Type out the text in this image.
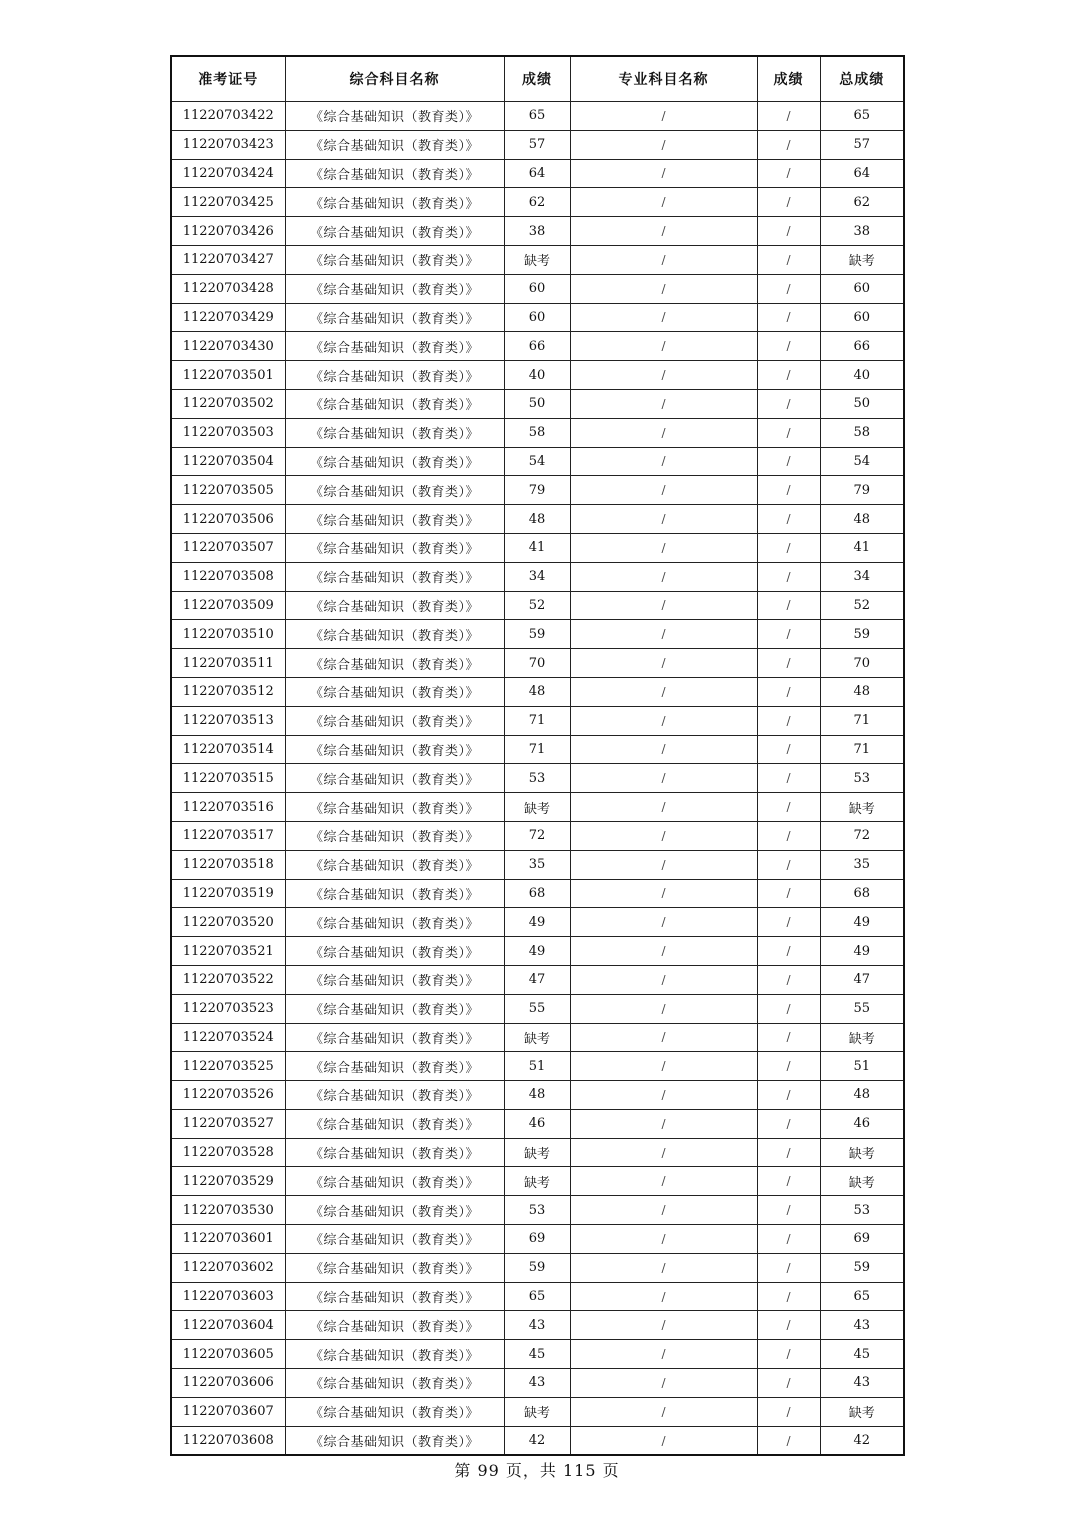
准考证号	综合科目名称	成绩	专业科目名称	成绩	总成绩
11220703422	《综合基础知识（教育类）》	65	/	/	65
11220703423	《综合基础知识（教育类）》	57	/	/	57
11220703424	《综合基础知识（教育类）》	64	/	/	64
11220703425	《综合基础知识（教育类）》	62	/	/	62
11220703426	《综合基础知识（教育类）》	38	/	/	38
11220703427	《综合基础知识（教育类）》	缺考	/	/	缺考
11220703428	《综合基础知识（教育类）》	60	/	/	60
11220703429	《综合基础知识（教育类）》	60	/	/	60
11220703430	《综合基础知识（教育类）》	66	/	/	66
11220703501	《综合基础知识（教育类）》	40	/	/	40
11220703502	《综合基础知识（教育类）》	50	/	/	50
11220703503	《综合基础知识（教育类）》	58	/	/	58
11220703504	《综合基础知识（教育类）》	54	/	/	54
11220703505	《综合基础知识（教育类）》	79	/	/	79
11220703506	《综合基础知识（教育类）》	48	/	/	48
11220703507	《综合基础知识（教育类）》	41	/	/	41
11220703508	《综合基础知识（教育类）》	34	/	/	34
11220703509	《综合基础知识（教育类）》	52	/	/	52
11220703510	《综合基础知识（教育类）》	59	/	/	59
11220703511	《综合基础知识（教育类）》	70	/	/	70
11220703512	《综合基础知识（教育类）》	48	/	/	48
11220703513	《综合基础知识（教育类）》	71	/	/	71
11220703514	《综合基础知识（教育类）》	71	/	/	71
11220703515	《综合基础知识（教育类）》	53	/	/	53
11220703516	《综合基础知识（教育类）》	缺考	/	/	缺考
11220703517	《综合基础知识（教育类）》	72	/	/	72
11220703518	《综合基础知识（教育类）》	35	/	/	35
11220703519	《综合基础知识（教育类）》	68	/	/	68
11220703520	《综合基础知识（教育类）》	49	/	/	49
11220703521	《综合基础知识（教育类）》	49	/	/	49
11220703522	《综合基础知识（教育类）》	47	/	/	47
11220703523	《综合基础知识（教育类）》	55	/	/	55
11220703524	《综合基础知识（教育类）》	缺考	/	/	缺考
11220703525	《综合基础知识（教育类）》	51	/	/	51
11220703526	《综合基础知识（教育类）》	48	/	/	48
11220703527	《综合基础知识（教育类）》	46	/	/	46
11220703528	《综合基础知识（教育类）》	缺考	/	/	缺考
11220703529	《综合基础知识（教育类）》	缺考	/	/	缺考
11220703530	《综合基础知识（教育类）》	53	/	/	53
11220703601	《综合基础知识（教育类）》	69	/	/	69
11220703602	《综合基础知识（教育类）》	59	/	/	59
11220703603	《综合基础知识（教育类）》	65	/	/	65
11220703604	《综合基础知识（教育类）》	43	/	/	43
11220703605	《综合基础知识（教育类）》	45	/	/	45
11220703606	《综合基础知识（教育类）》	43	/	/	43
11220703607	《综合基础知识（教育类）》	缺考	/	/	缺考
11220703608	《综合基础知识（教育类）》	42	/	/	42
第 99 页，共 115 页
